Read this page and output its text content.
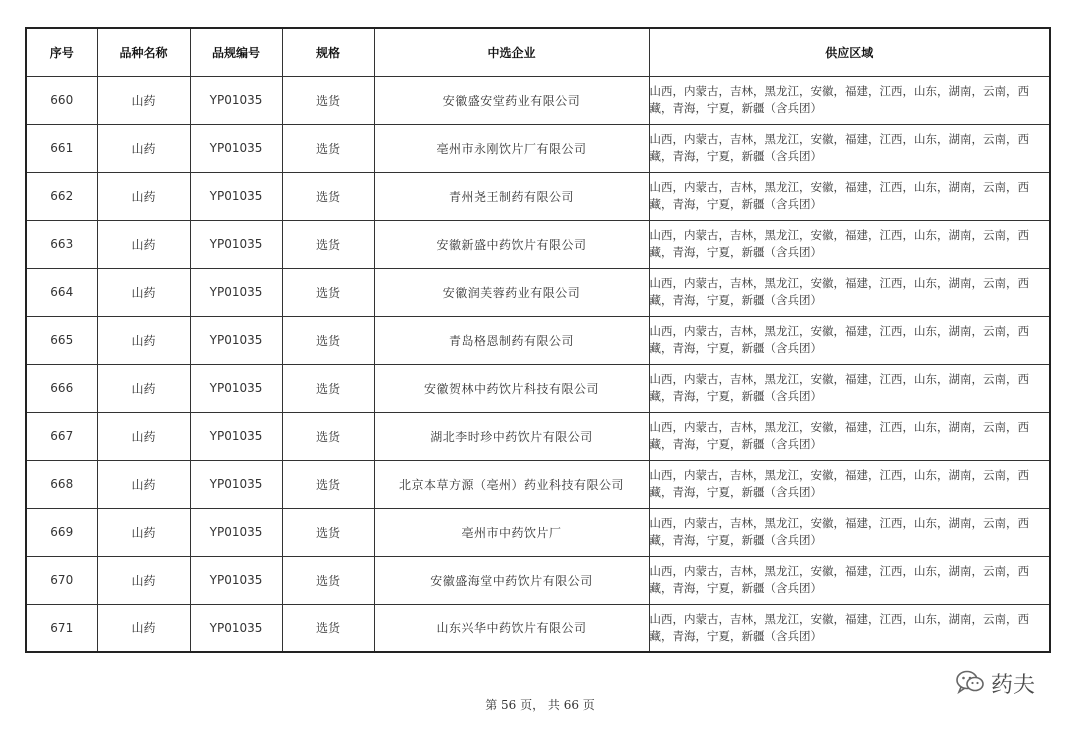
序号	品种名称	品规编号	规格	中选企业	供应区域
660	山药	YP01035	选货	安徽盛安堂药业有限公司	山西，内蒙古，吉林，黑龙江，安徽，福建，江西，山东，湖南，云南，西藏，青海，宁夏，新疆（含兵团）
661	山药	YP01035	选货	亳州市永刚饮片厂有限公司	山西，内蒙古，吉林，黑龙江，安徽，福建，江西，山东，湖南，云南，西藏，青海，宁夏，新疆（含兵团）
662	山药	YP01035	选货	青州尧王制药有限公司	山西，内蒙古，吉林，黑龙江，安徽，福建，江西，山东，湖南，云南，西藏，青海，宁夏，新疆（含兵团）
663	山药	YP01035	选货	安徽新盛中药饮片有限公司	山西，内蒙古，吉林，黑龙江，安徽，福建，江西，山东，湖南，云南，西藏，青海，宁夏，新疆（含兵团）
664	山药	YP01035	选货	安徽润芙蓉药业有限公司	山西，内蒙古，吉林，黑龙江，安徽，福建，江西，山东，湖南，云南，西藏，青海，宁夏，新疆（含兵团）
665	山药	YP01035	选货	青岛格恩制药有限公司	山西，内蒙古，吉林，黑龙江，安徽，福建，江西，山东，湖南，云南，西藏，青海，宁夏，新疆（含兵团）
666	山药	YP01035	选货	安徽贺林中药饮片科技有限公司	山西，内蒙古，吉林，黑龙江，安徽，福建，江西，山东，湖南，云南，西藏，青海，宁夏，新疆（含兵团）
667	山药	YP01035	选货	湖北李时珍中药饮片有限公司	山西，内蒙古，吉林，黑龙江，安徽，福建，江西，山东，湖南，云南，西藏，青海，宁夏，新疆（含兵团）
668	山药	YP01035	选货	北京本草方源（亳州）药业科技有限公司	山西，内蒙古，吉林，黑龙江，安徽，福建，江西，山东，湖南，云南，西藏，青海，宁夏，新疆（含兵团）
669	山药	YP01035	选货	亳州市中药饮片厂	山西，内蒙古，吉林，黑龙江，安徽，福建，江西，山东，湖南，云南，西藏，青海，宁夏，新疆（含兵团）
670	山药	YP01035	选货	安徽盛海堂中药饮片有限公司	山西，内蒙古，吉林，黑龙江，安徽，福建，江西，山东，湖南，云南，西藏，青海，宁夏，新疆（含兵团）
671	山药	YP01035	选货	山东兴华中药饮片有限公司	山西，内蒙古，吉林，黑龙江，安徽，福建，江西，山东，湖南，云南，西藏，青海，宁夏，新疆（含兵团）
药夫
第 56 页， 共 66 页
